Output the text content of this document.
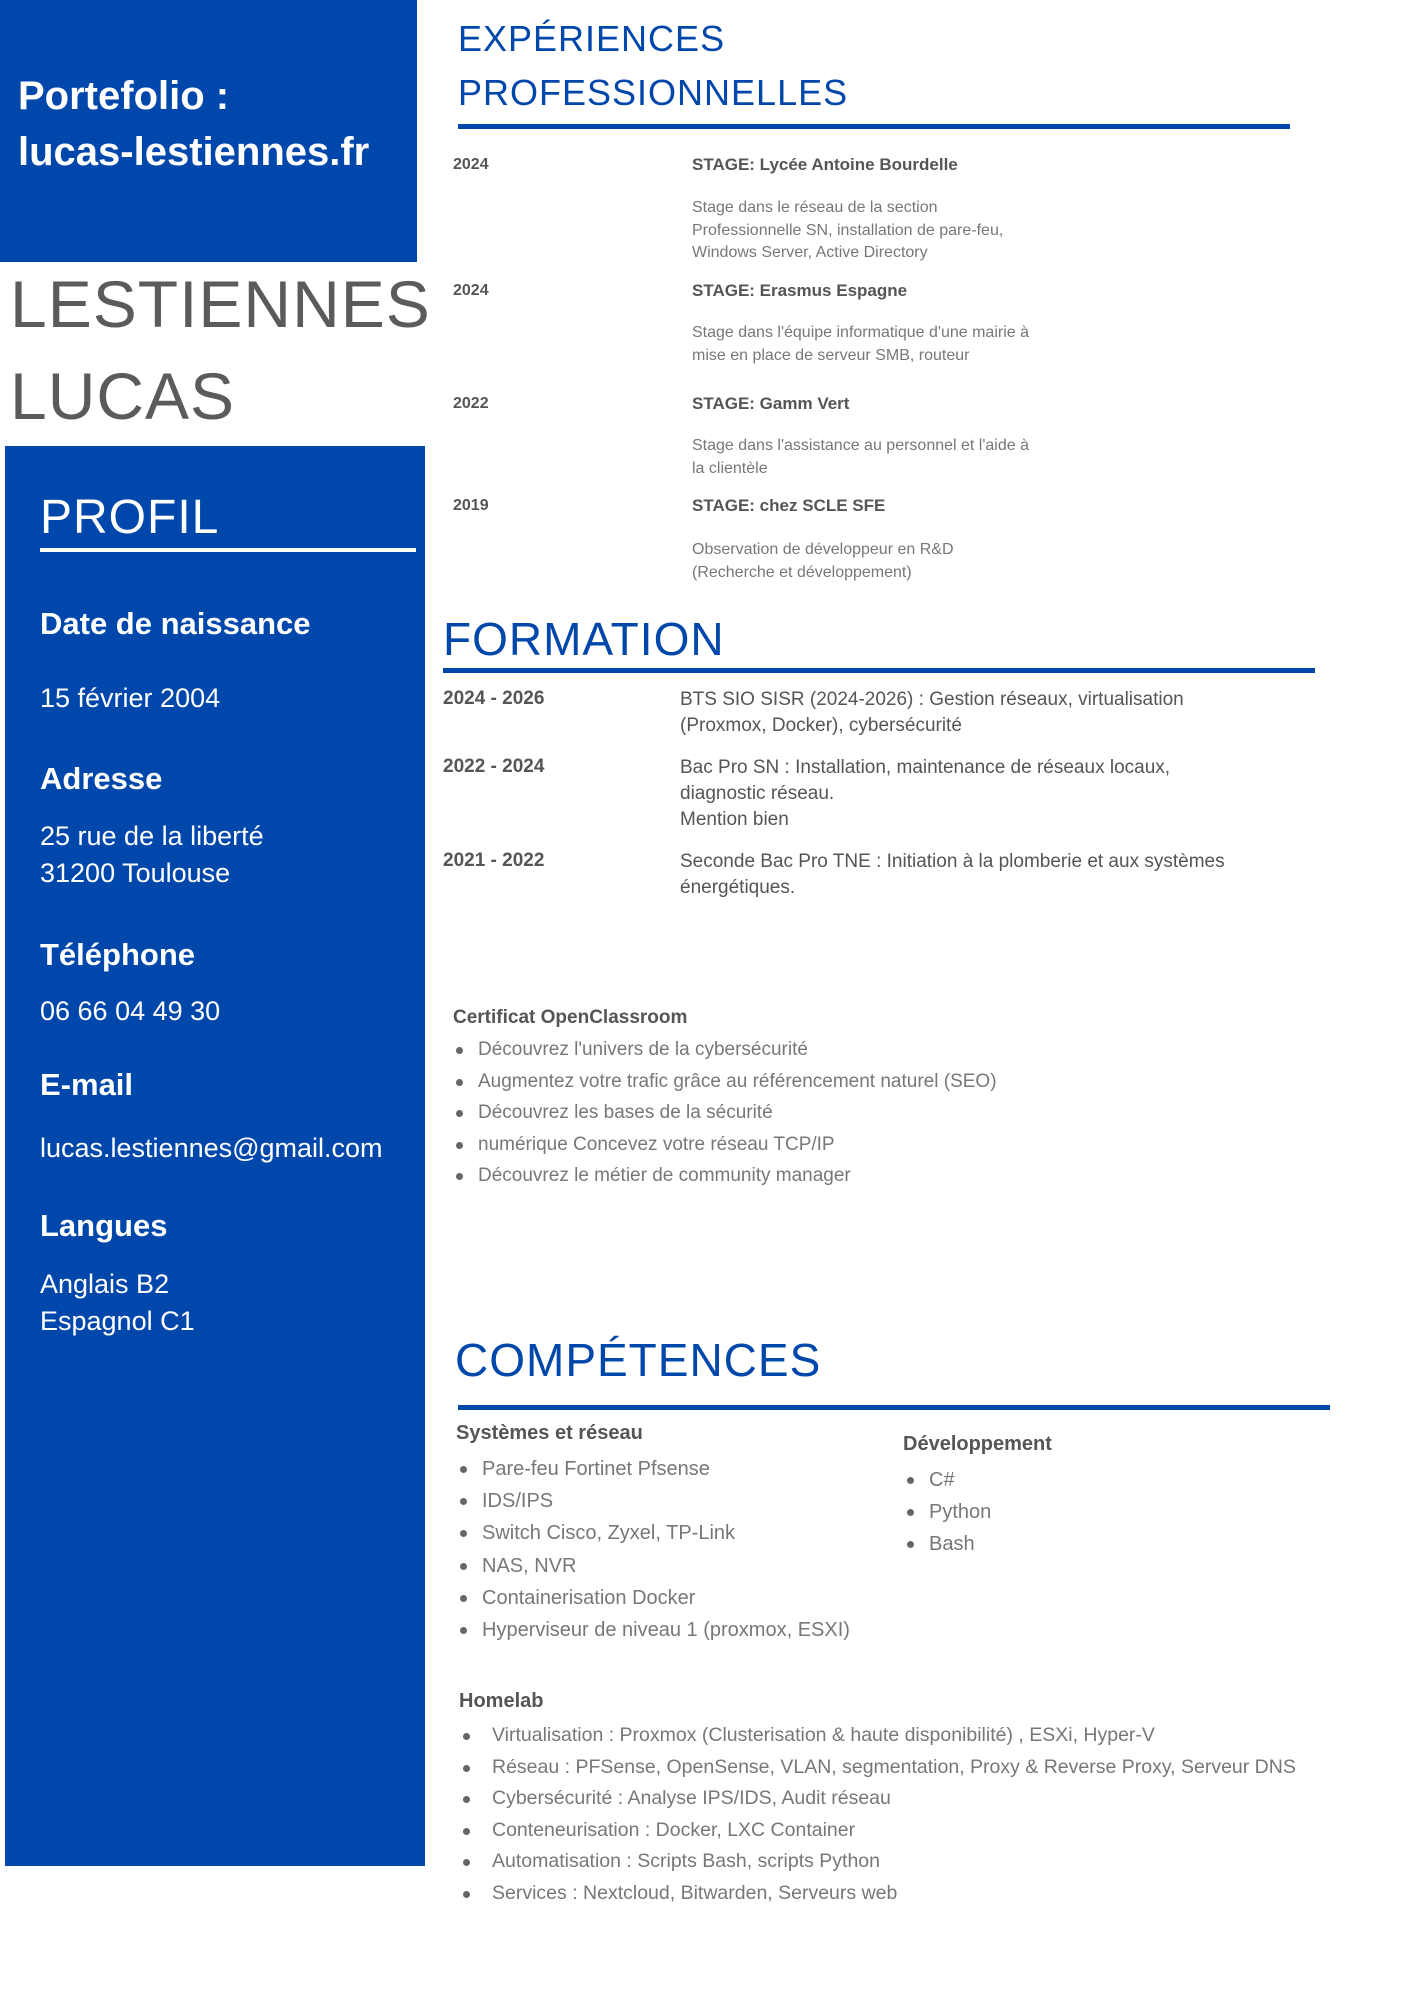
Portefolio :
lucas-lestiennes.fr
LESTIENNES
LUCAS
PROFIL
Date de naissance
15 février 2004
Adresse
25 rue de la liberté
31200 Toulouse
Téléphone
06 66 04 49 30
E-mail
lucas.lestiennes@gmail.com
Langues
Anglais B2
Espagnol C1
EXPÉRIENCES
PROFESSIONNELLES
2024	STAGE: Lycée Antoine Bourdelle
Stage dans le réseau de la section
Professionnelle SN, installation de pare-feu,
Windows Server, Active Directory
2024	STAGE: Erasmus Espagne
Stage dans l'équipe informatique d'une mairie à
mise en place de serveur SMB, routeur
2022	STAGE: Gamm Vert
Stage dans l'assistance au personnel et l'aide à
la clientèle
2019	STAGE: chez SCLE SFE
Observation de développeur en R&D
(Recherche et développement)
FORMATION
2024 - 2026	BTS SIO SISR (2024-2026) : Gestion réseaux, virtualisation
(Proxmox, Docker), cybersécurité
2022 - 2024	Bac Pro SN : Installation, maintenance de réseaux locaux,
diagnostic réseau.
Mention bien
2021 - 2022	Seconde Bac Pro TNE : Initiation à la plomberie et aux systèmes
énergétiques.
Certificat OpenClassroom
Découvrez l'univers de la cybersécurité
Augmentez votre trafic grâce au référencement naturel (SEO)
Découvrez les bases de la sécurité
numérique Concevez votre réseau TCP/IP
Découvrez le métier de community manager
COMPÉTENCES
Systèmes et réseau
Pare-feu Fortinet Pfsense
IDS/IPS
Switch Cisco, Zyxel, TP-Link
NAS, NVR
Containerisation Docker
Hyperviseur de niveau 1 (proxmox, ESXI)
Développement
C#
Python
Bash
Homelab
Virtualisation : Proxmox (Clusterisation & haute disponibilité) , ESXi, Hyper-V
Réseau : PFSense, OpenSense, VLAN, segmentation, Proxy & Reverse Proxy, Serveur DNS
Cybersécurité : Analyse IPS/IDS, Audit réseau
Conteneurisation : Docker, LXC Container
Automatisation : Scripts Bash, scripts Python
Services : Nextcloud, Bitwarden, Serveurs web
